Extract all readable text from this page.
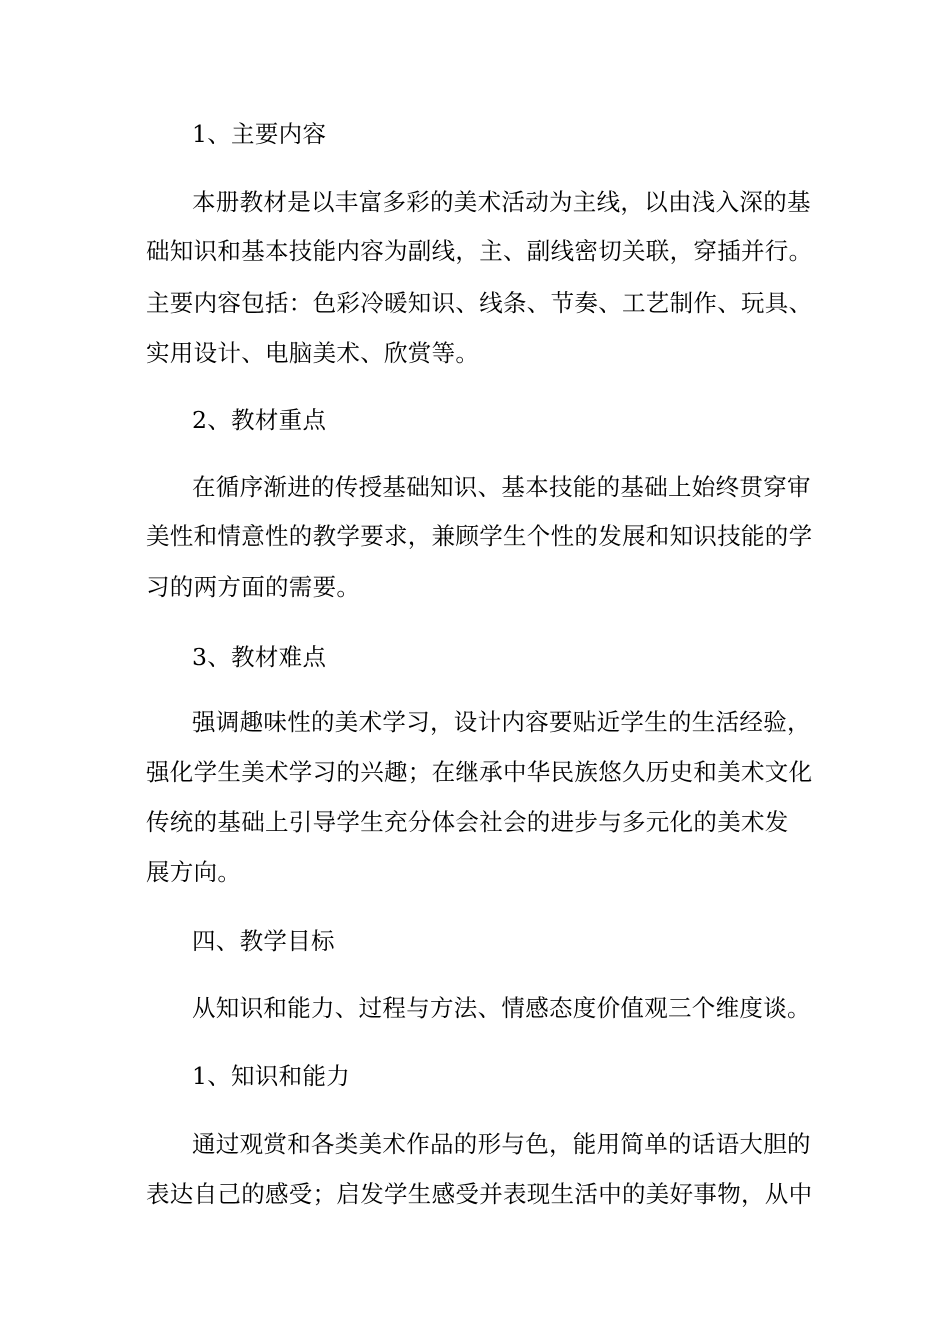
1、主要内容
本册教材是以丰富多彩的美术活动为主线，以由浅入深的基
础知识和基本技能内容为副线，主、副线密切关联，穿插并行。
主要内容包括：色彩冷暖知识、线条、节奏、工艺制作、玩具、
实用设计、电脑美术、欣赏等。
2、教材重点
在循序渐进的传授基础知识、基本技能的基础上始终贯穿审
美性和情意性的教学要求，兼顾学生个性的发展和知识技能的学
习的两方面的需要。
3、教材难点
强调趣味性的美术学习，设计内容要贴近学生的生活经验，
强化学生美术学习的兴趣；在继承中华民族悠久历史和美术文化
传统的基础上引导学生充分体会社会的进步与多元化的美术发
展方向。
四、教学目标
从知识和能力、过程与方法、情感态度价值观三个维度谈。
1、知识和能力
通过观赏和各类美术作品的形与色，能用简单的话语大胆的
表达自己的感受；启发学生感受并表现生活中的美好事物，从中
